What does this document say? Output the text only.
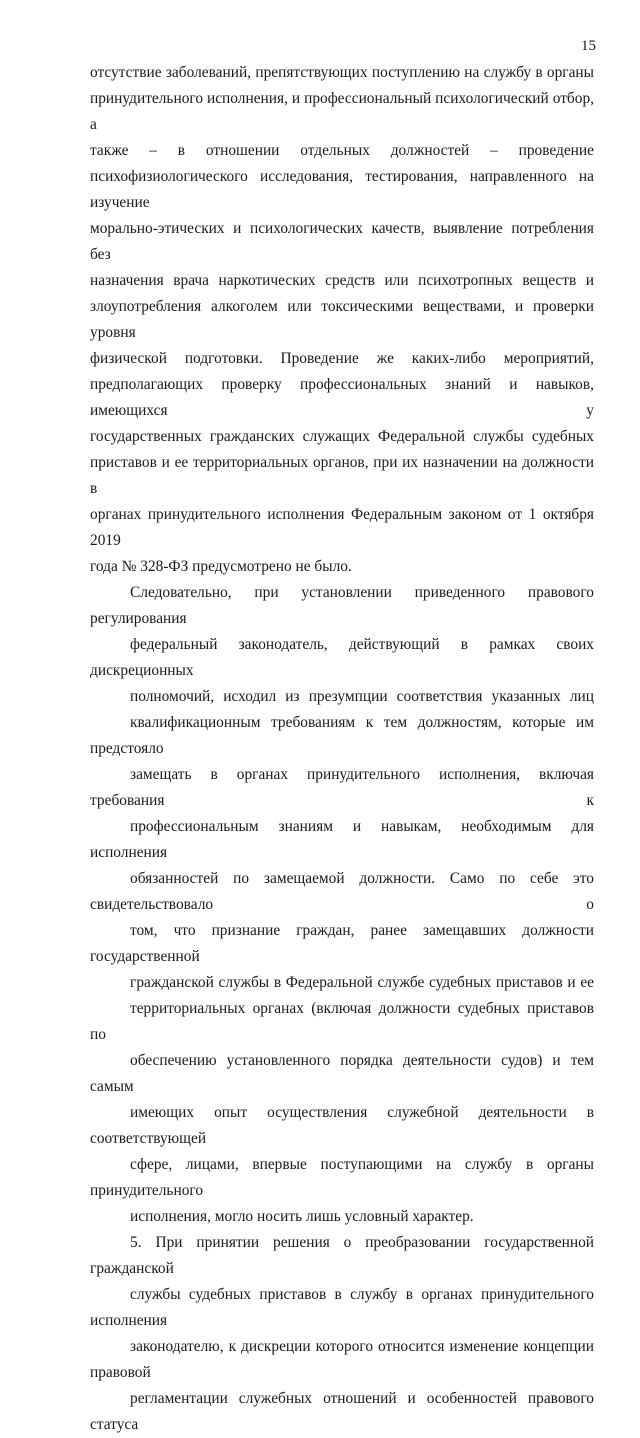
15
отсутствие заболеваний, препятствующих поступлению на службу в органы
принудительного исполнения, и профессиональный психологический отбор, а
также – в отношении отдельных должностей – проведение
психофизиологического исследования, тестирования, направленного на изучение
морально-этических и психологических качеств, выявление потребления без
назначения врача наркотических средств или психотропных веществ и
злоупотребления алкоголем или токсическими веществами, и проверки уровня
физической подготовки. Проведение же каких-либо мероприятий,
предполагающих проверку профессиональных знаний и навыков, имеющихся у
государственных гражданских служащих Федеральной службы судебных
приставов и ее территориальных органов, при их назначении на должности в
органах принудительного исполнения Федеральным законом от 1 октября 2019
года № 328-ФЗ предусмотрено не было.
Следовательно, при установлении приведенного правового регулирования
федеральный законодатель, действующий в рамках своих дискреционных
полномочий, исходил из презумпции соответствия указанных лиц
квалификационным требованиям к тем должностям, которые им предстояло
замещать в органах принудительного исполнения, включая требования к
профессиональным знаниям и навыкам, необходимым для исполнения
обязанностей по замещаемой должности. Само по себе это свидетельствовало о
том, что признание граждан, ранее замещавших должности государственной
гражданской службы в Федеральной службе судебных приставов и ее
территориальных органах (включая должности судебных приставов по
обеспечению установленного порядка деятельности судов) и тем самым
имеющих опыт осуществления служебной деятельности в соответствующей
сфере, лицами, впервые поступающими на службу в органы принудительного
исполнения, могло носить лишь условный характер.
5. При принятии решения о преобразовании государственной гражданской
службы судебных приставов в службу в органах принудительного исполнения
законодателю, к дискреции которого относится изменение концепции правовой
регламентации служебных отношений и особенностей правового статуса
